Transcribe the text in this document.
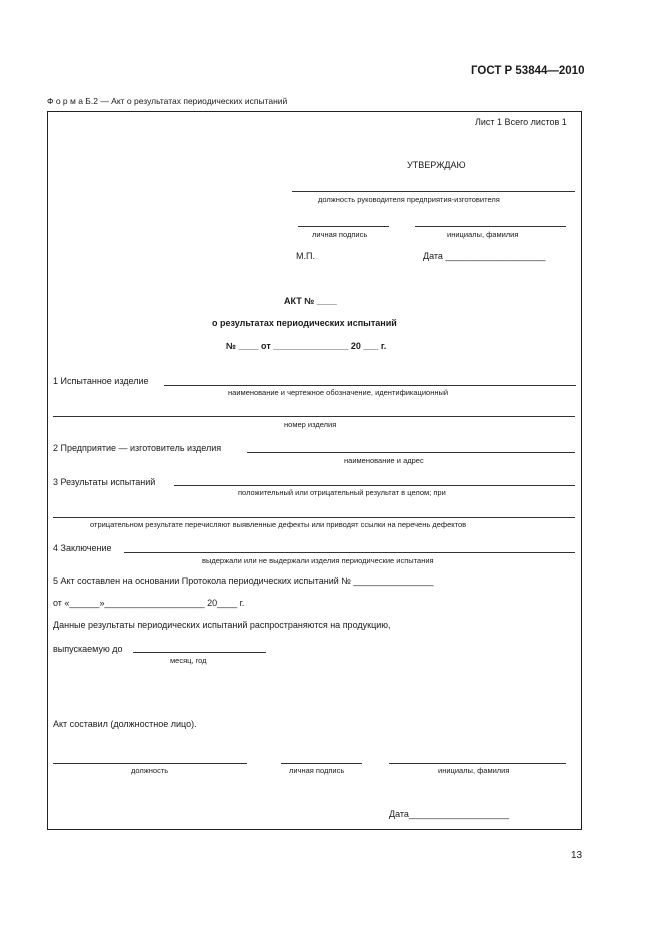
ГОСТ Р 53844—2010
Ф о р м а Б.2 — Акт о результатах периодических испытаний
Лист 1 Всего листов 1
УТВЕРЖДАЮ
должность руководителя предприятия-изготовителя
личная подпись	инициалы, фамилия
М.П.	Дата ____________________
АКТ № ____
о результатах периодических испытаний
№ ____ от _______________ 20 ___ г.
1 Испытанное изделие
наименование и чертежное обозначение, идентификационный
номер изделия
2 Предприятие — изготовитель изделия
наименование и адрес
3 Результаты испытаний
положительный или отрицательный результат в целом; при
отрицательном результате перечисляют выявленные дефекты или приводят ссылки на перечень дефектов
4 Заключение
выдержали или не выдержали изделия периодические испытания
5 Акт составлен на основании Протокола периодических испытаний № ________________
от «______»____________________ 20____ г.
Данные результаты периодических испытаний распространяются на продукцию,
выпускаемую до
месяц, год
Акт составил (должностное лицо).
должность	личная подпись	инициалы, фамилия
Дата____________________
13
